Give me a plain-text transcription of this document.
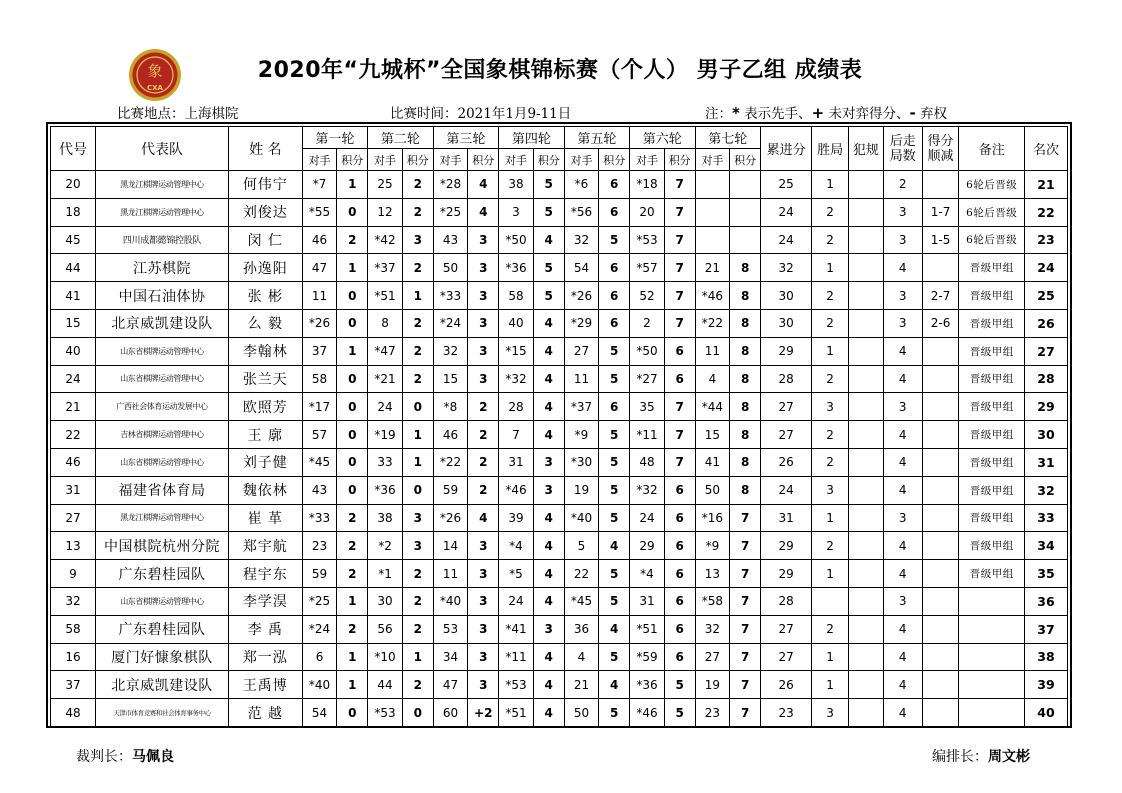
象
CXA
2020年“九城杯”全国象棋锦标赛（个人） 男子乙组 成绩表
比赛地点：上海棋院	比赛时间：2021年1月9-11日	注：* 表示先手、+ 未对弈得分、- 弃权
代号	代表队	姓 名	第一轮		第二轮		第三轮		第四轮		第五轮		第六轮		第七轮		累进分	胜局	犯规	后走局数	得分顺减	备注	名次
			对手	积分	对手	积分	对手	积分	对手	积分	对手	积分	对手	积分	对手	积分							
20	黑龙江棋牌运动管理中心	何伟宁	*7	1	25	2	*28	4	38	5	*6	6	*18	7			25	1		2		6轮后晋级	21
18	黑龙江棋牌运动管理中心	刘俊达	*55	0	12	2	*25	4	3	5	*56	6	20	7			24	2		3	1-7	6轮后晋级	22
45	四川成都懿锦控股队	闵 仁	46	2	*42	3	43	3	*50	4	32	5	*53	7			24	2		3	1-5	6轮后晋级	23
44	江苏棋院	孙逸阳	47	1	*37	2	50	3	*36	5	54	6	*57	7	21	8	32	1		4		晋级甲组	24
41	中国石油体协	张 彬	11	0	*51	1	*33	3	58	5	*26	6	52	7	*46	8	30	2		3	2-7	晋级甲组	25
15	北京威凯建设队	么 毅	*26	0	8	2	*24	3	40	4	*29	6	2	7	*22	8	30	2		3	2-6	晋级甲组	26
40	山东省棋牌运动管理中心	李翰林	37	1	*47	2	32	3	*15	4	27	5	*50	6	11	8	29	1		4		晋级甲组	27
24	山东省棋牌运动管理中心	张兰天	58	0	*21	2	15	3	*32	4	11	5	*27	6	4	8	28	2		4		晋级甲组	28
21	广西社会体育运动发展中心	欧照芳	*17	0	24	0	*8	2	28	4	*37	6	35	7	*44	8	27	3		3		晋级甲组	29
22	吉林省棋牌运动管理中心	王 廓	57	0	*19	1	46	2	7	4	*9	5	*11	7	15	8	27	2		4		晋级甲组	30
46	山东省棋牌运动管理中心	刘子健	*45	0	33	1	*22	2	31	3	*30	5	48	7	41	8	26	2		4		晋级甲组	31
31	福建省体育局	魏依林	43	0	*36	0	59	2	*46	3	19	5	*32	6	50	8	24	3		4		晋级甲组	32
27	黑龙江棋牌运动管理中心	崔 革	*33	2	38	3	*26	4	39	4	*40	5	24	6	*16	7	31	1		3		晋级甲组	33
13	中国棋院杭州分院	郑宇航	23	2	*2	3	14	3	*4	4	5	4	29	6	*9	7	29	2		4		晋级甲组	34
9	广东碧桂园队	程宇东	59	2	*1	2	11	3	*5	4	22	5	*4	6	13	7	29	1		4		晋级甲组	35
32	山东省棋牌运动管理中心	李学淏	*25	1	30	2	*40	3	24	4	*45	5	31	6	*58	7	28			3			36
58	广东碧桂园队	李 禹	*24	2	56	2	53	3	*41	3	36	4	*51	6	32	7	27	2		4			37
16	厦门好慷象棋队	郑一泓	6	1	*10	1	34	3	*11	4	4	5	*59	6	27	7	27	1		4			38
37	北京威凯建设队	王禹博	*40	1	44	2	47	3	*53	4	21	4	*36	5	19	7	26	1		4			39
48	天津市体育竞赛和社会体育事务中心	范 越	54	0	*53	0	60	+2	*51	4	50	5	*46	5	23	7	23	3		4			40
裁判长：马佩良	编排长：周文彬
